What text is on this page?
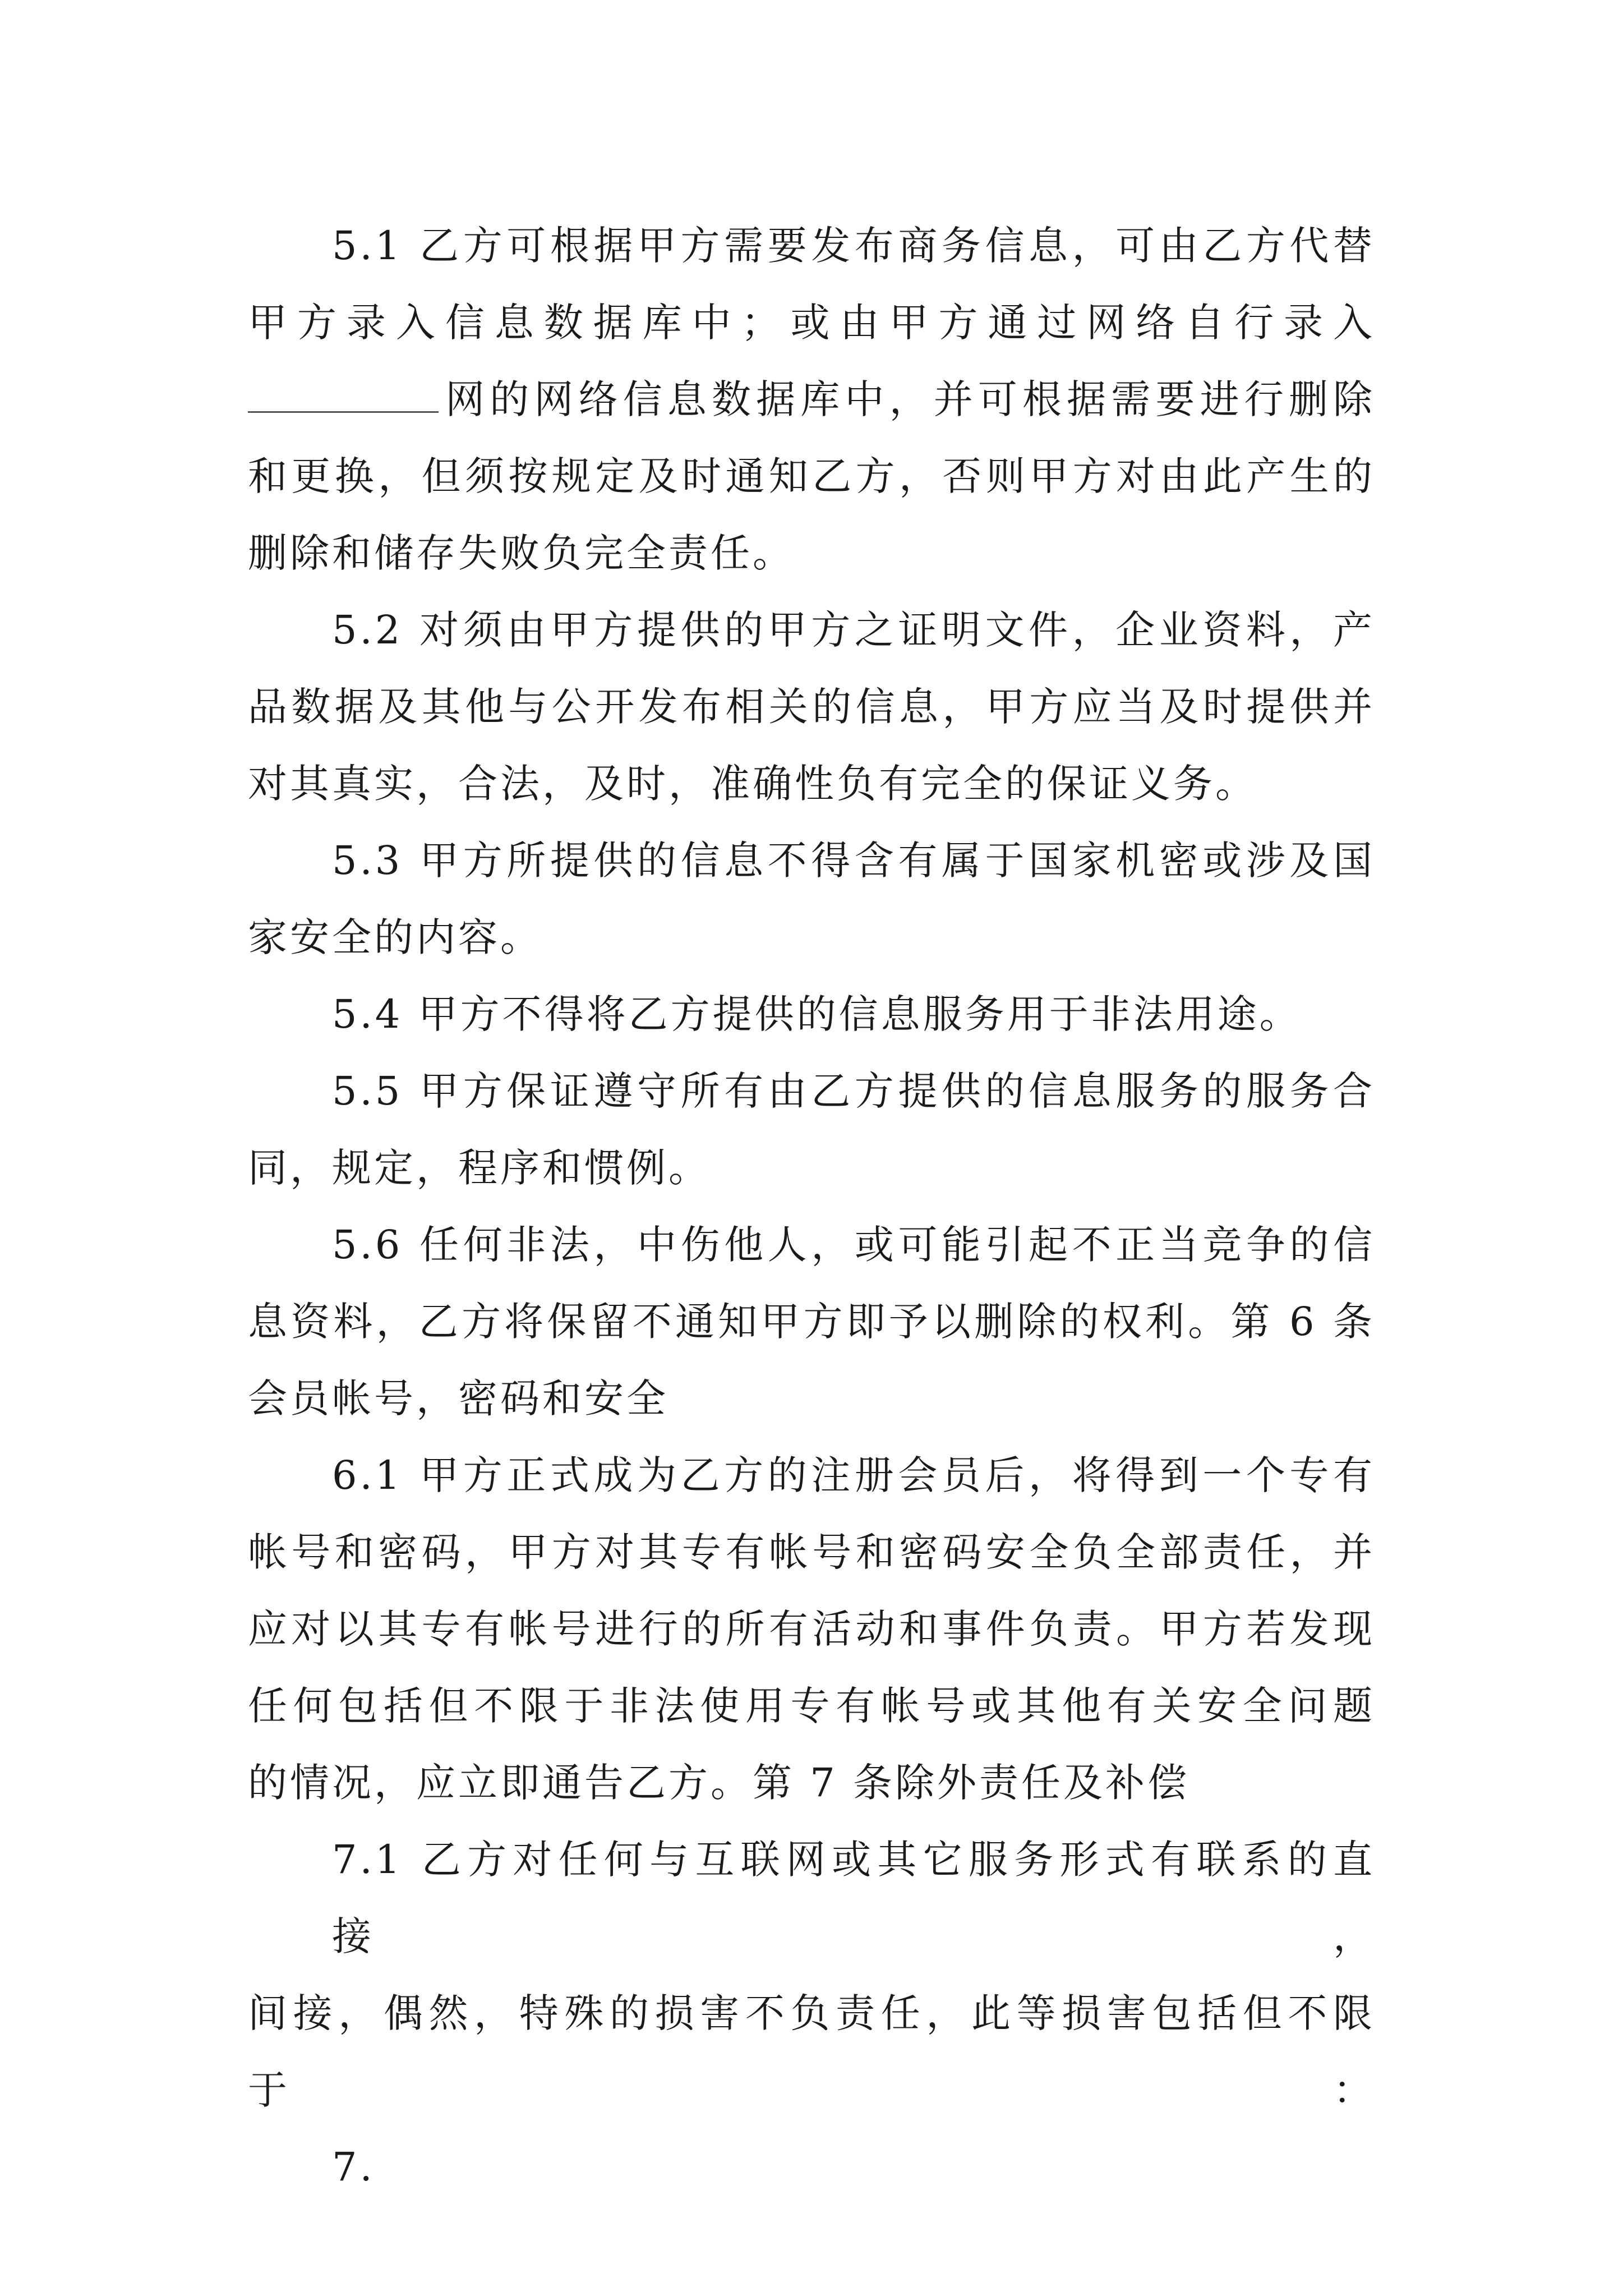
5.1 乙方可根据甲方需要发布商务信息，可由乙方代替
甲方录入信息数据库中；或由甲方通过网络自行录入
网的网络信息数据库中，并可根据需要进行删除
和更换，但须按规定及时通知乙方，否则甲方对由此产生的
删除和储存失败负完全责任。
5.2 对须由甲方提供的甲方之证明文件，企业资料，产
品数据及其他与公开发布相关的信息，甲方应当及时提供并
对其真实，合法，及时，准确性负有完全的保证义务。
5.3 甲方所提供的信息不得含有属于国家机密或涉及国
家安全的内容。
5.4 甲方不得将乙方提供的信息服务用于非法用途。
5.5 甲方保证遵守所有由乙方提供的信息服务的服务合
同，规定，程序和惯例。
5.6 任何非法，中伤他人，或可能引起不正当竞争的信
息资料，乙方将保留不通知甲方即予以删除的权利。第 6 条
会员帐号，密码和安全
6.1 甲方正式成为乙方的注册会员后，将得到一个专有
帐号和密码，甲方对其专有帐号和密码安全负全部责任，并
应对以其专有帐号进行的所有活动和事件负责。甲方若发现
任何包括但不限于非法使用专有帐号或其他有关安全问题
的情况，应立即通告乙方。第 7 条除外责任及补偿
7.1 乙方对任何与互联网或其它服务形式有联系的直接，
间接，偶然，特殊的损害不负责任，此等损害包括但不限于：
7.
